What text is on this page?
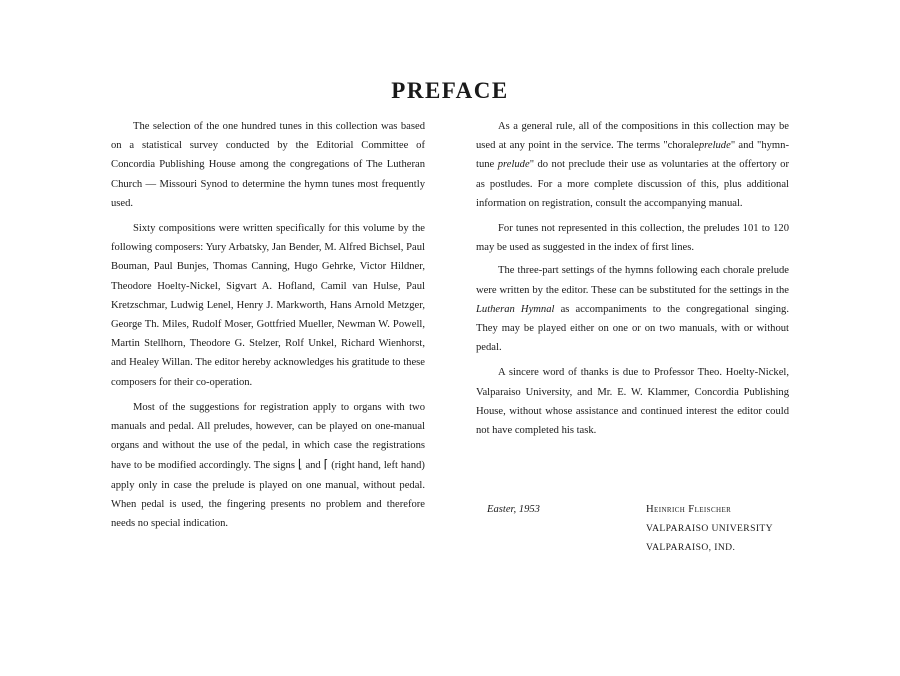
PREFACE

The selection of the one hundred tunes in this collection was based on a statistical survey conducted by the Editorial Committee of Concordia Publishing House among the congregations of The Lutheran Church — Missouri Synod to determine the hymn tunes most frequently used.

Sixty compositions were written specifically for this volume by the following composers: Yury Arbatsky, Jan Bender, M. Alfred Bichsel, Paul Bouman, Paul Bunjes, Thomas Canning, Hugo Gehrke, Victor Hildner, Theodore Hoelty-Nickel, Sigvart A. Hofland, Camil van Hulse, Paul Kretzschmar, Ludwig Lenel, Henry J. Markworth, Hans Arnold Metzger, George Th. Miles, Rudolf Moser, Gottfried Mueller, Newman W. Powell, Martin Stellhorn, Theodore G. Stelzer, Rolf Unkel, Richard Wienhorst, and Healey Willan. The editor hereby acknowledges his gratitude to these composers for their co-operation.

Most of the suggestions for registration apply to organs with two manuals and pedal. All preludes, however, can be played on one-manual organs and without the use of the pedal, in which case the registrations have to be modified accordingly. The signs ⌊ and ⌈ (right hand, left hand) apply only in case the prelude is played on one manual, without pedal. When pedal is used, the fingering presents no problem and therefore needs no special indication.

As a general rule, all of the compositions in this collection may be used at any point in the service. The terms "choraleprelude" and "hymn-tune prelude" do not preclude their use as voluntaries at the offertory or as postludes. For a more complete discussion of this, plus additional information on registration, consult the accompanying manual.

For tunes not represented in this collection, the preludes 101 to 120 may be used as suggested in the index of first lines.

The three-part settings of the hymns following each chorale prelude were written by the editor. These can be substituted for the settings in the Lutheran Hymnal as accompaniments to the congregational singing. They may be played either on one or on two manuals, with or without pedal.

A sincere word of thanks is due to Professor Theo. Hoelty-Nickel, Valparaiso University, and Mr. E. W. Klammer, Concordia Publishing House, without whose assistance and continued interest the editor could not have completed his task.

Easter, 1953	Heinrich Fleischer
VALPARAISO UNIVERSITY
VALPARAISO, IND.
